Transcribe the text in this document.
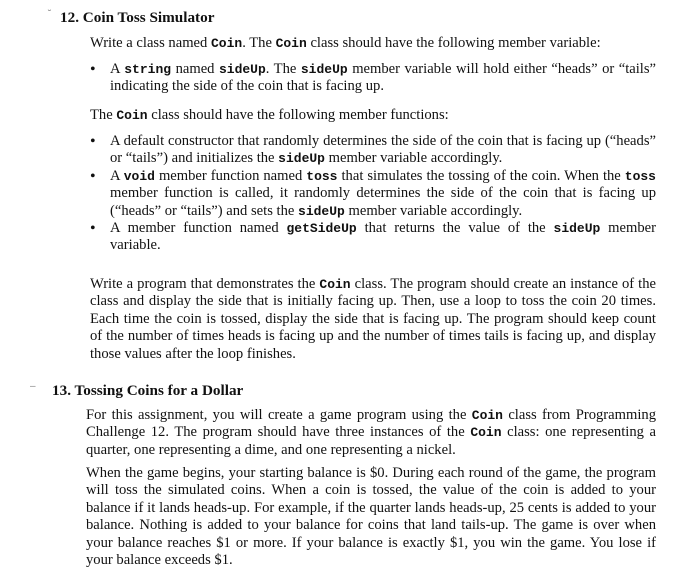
˘ 12. Coin Toss Simulator

Write a class named Coin. The Coin class should have the following member variable:

• A string named sideUp. The sideUp member variable will hold either “heads” or “tails” indicating the side of the coin that is facing up.

The Coin class should have the following member functions:

• A default constructor that randomly determines the side of the coin that is facing up (“heads” or “tails”) and initializes the sideUp member variable accordingly.
• A void member function named toss that simulates the tossing of the coin. When the toss member function is called, it randomly determines the side of the coin that is facing up (“heads” or “tails”) and sets the sideUp member variable accordingly.
• A member function named getSideUp that returns the value of the sideUp member variable.

Write a program that demonstrates the Coin class. The program should create an instance of the class and display the side that is initially facing up. Then, use a loop to toss the coin 20 times. Each time the coin is tossed, display the side that is facing up. The program should keep count of the number of times heads is facing up and the number of times tails is facing up, and display those values after the loop finishes.

– 13. Tossing Coins for a Dollar

For this assignment, you will create a game program using the Coin class from Programming Challenge 12. The program should have three instances of the Coin class: one representing a quarter, one representing a dime, and one representing a nickel.

When the game begins, your starting balance is $0. During each round of the game, the program will toss the simulated coins. When a coin is tossed, the value of the coin is added to your balance if it lands heads-up. For example, if the quarter lands heads-up, 25 cents is added to your balance. Nothing is added to your balance for coins that land tails-up. The game is over when your balance reaches $1 or more. If your balance is exactly $1, you win the game. You lose if your balance exceeds $1.
